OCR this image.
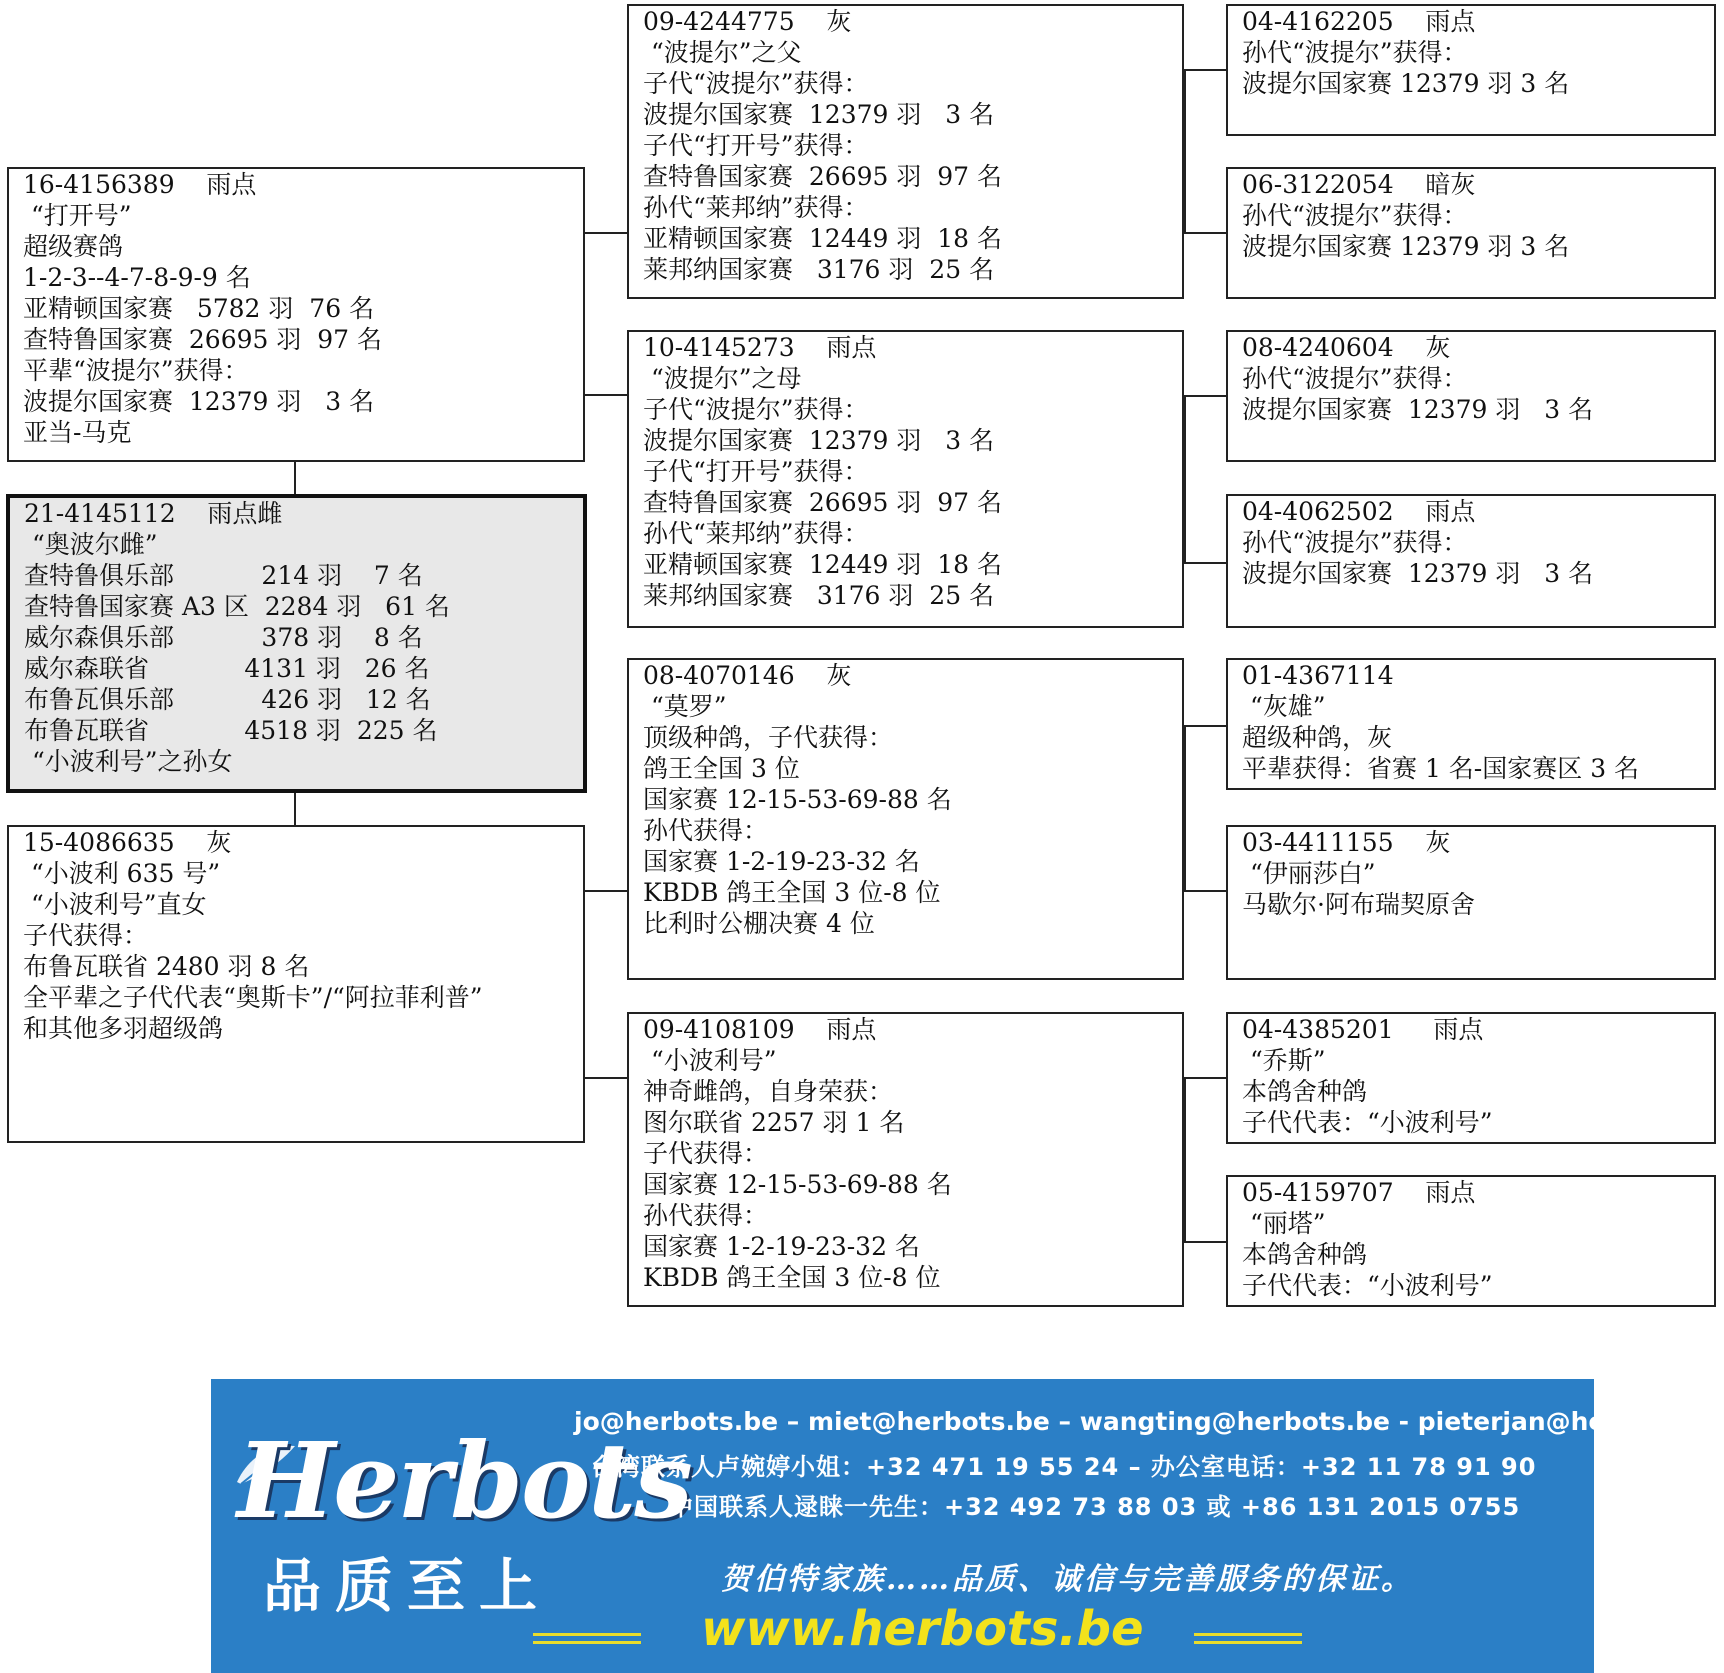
16-4156389    雨点
“打开号”
超级赛鸽
1-2-3--4-7-8-9-9 名
亚精顿国家赛   5782 羽  76 名
查特鲁国家赛  26695 羽  97 名
平辈“波提尔”获得：
波提尔国家赛  12379 羽   3 名
亚当-马克
21-4145112    雨点雌
“奥波尔雌”
查特鲁俱乐部           214 羽    7 名
查特鲁国家赛 A3 区  2284 羽   61 名
威尔森俱乐部           378 羽    8 名
威尔森联省            4131 羽   26 名
布鲁瓦俱乐部           426 羽   12 名
布鲁瓦联省            4518 羽  225 名
“小波利号”之孙女
15-4086635    灰
“小波利 635 号”
“小波利号”直女
子代获得：
布鲁瓦联省 2480 羽 8 名
全平辈之子代代表“奥斯卡”/“阿拉菲利普”
和其他多羽超级鸽
09-4244775    灰
“波提尔”之父
子代“波提尔”获得：
波提尔国家赛  12379 羽   3 名
子代“打开号”获得：
查特鲁国家赛  26695 羽  97 名
孙代“莱邦纳”获得：
亚精顿国家赛  12449 羽  18 名
莱邦纳国家赛   3176 羽  25 名
10-4145273    雨点
“波提尔”之母
子代“波提尔”获得：
波提尔国家赛  12379 羽   3 名
子代“打开号”获得：
查特鲁国家赛  26695 羽  97 名
孙代“莱邦纳”获得：
亚精顿国家赛  12449 羽  18 名
莱邦纳国家赛   3176 羽  25 名
08-4070146    灰
“莫罗”
顶级种鸽，子代获得：
鸽王全国 3 位
国家赛 12-15-53-69-88 名
孙代获得：
国家赛 1-2-19-23-32 名
KBDB 鸽王全国 3 位-8 位
比利时公棚决赛 4 位
09-4108109    雨点
“小波利号”
神奇雌鸽，自身荣获：
图尔联省 2257 羽 1 名
子代获得：
国家赛 12-15-53-69-88 名
孙代获得：
国家赛 1-2-19-23-32 名
KBDB 鸽王全国 3 位-8 位
04-4162205    雨点
孙代“波提尔”获得：
波提尔国家赛 12379 羽 3 名
06-3122054    暗灰
孙代“波提尔”获得：
波提尔国家赛 12379 羽 3 名
08-4240604    灰
孙代“波提尔”获得：
波提尔国家赛  12379 羽   3 名
04-4062502    雨点
孙代“波提尔”获得：
波提尔国家赛  12379 羽   3 名
01-4367114
“灰雄”
超级种鸽，灰
平辈获得：省赛 1 名-国家赛区 3 名
03-4411155    灰
“伊丽莎白”
马歇尔·阿布瑞契原舍
04-4385201     雨点
“乔斯”
本鸽舍种鸽
子代代表：“小波利号”
05-4159707    雨点
“丽塔”
本鸽舍种鸽
子代代表：“小波利号”
Herbots
品质至上
jo@herbots.be – miet@herbots.be – wangting@herbots.be - pieterjan@herbots.be
台湾联系人卢婉婷小姐：+32 471 19 55 24 – 办公室电话：+32 11 78 91 90
中国联系人逯睐一先生：+32 492 73 88 03 或 +86 131 2015 0755
贺伯特家族……品质、诚信与完善服务的保证。
www.herbots.be
